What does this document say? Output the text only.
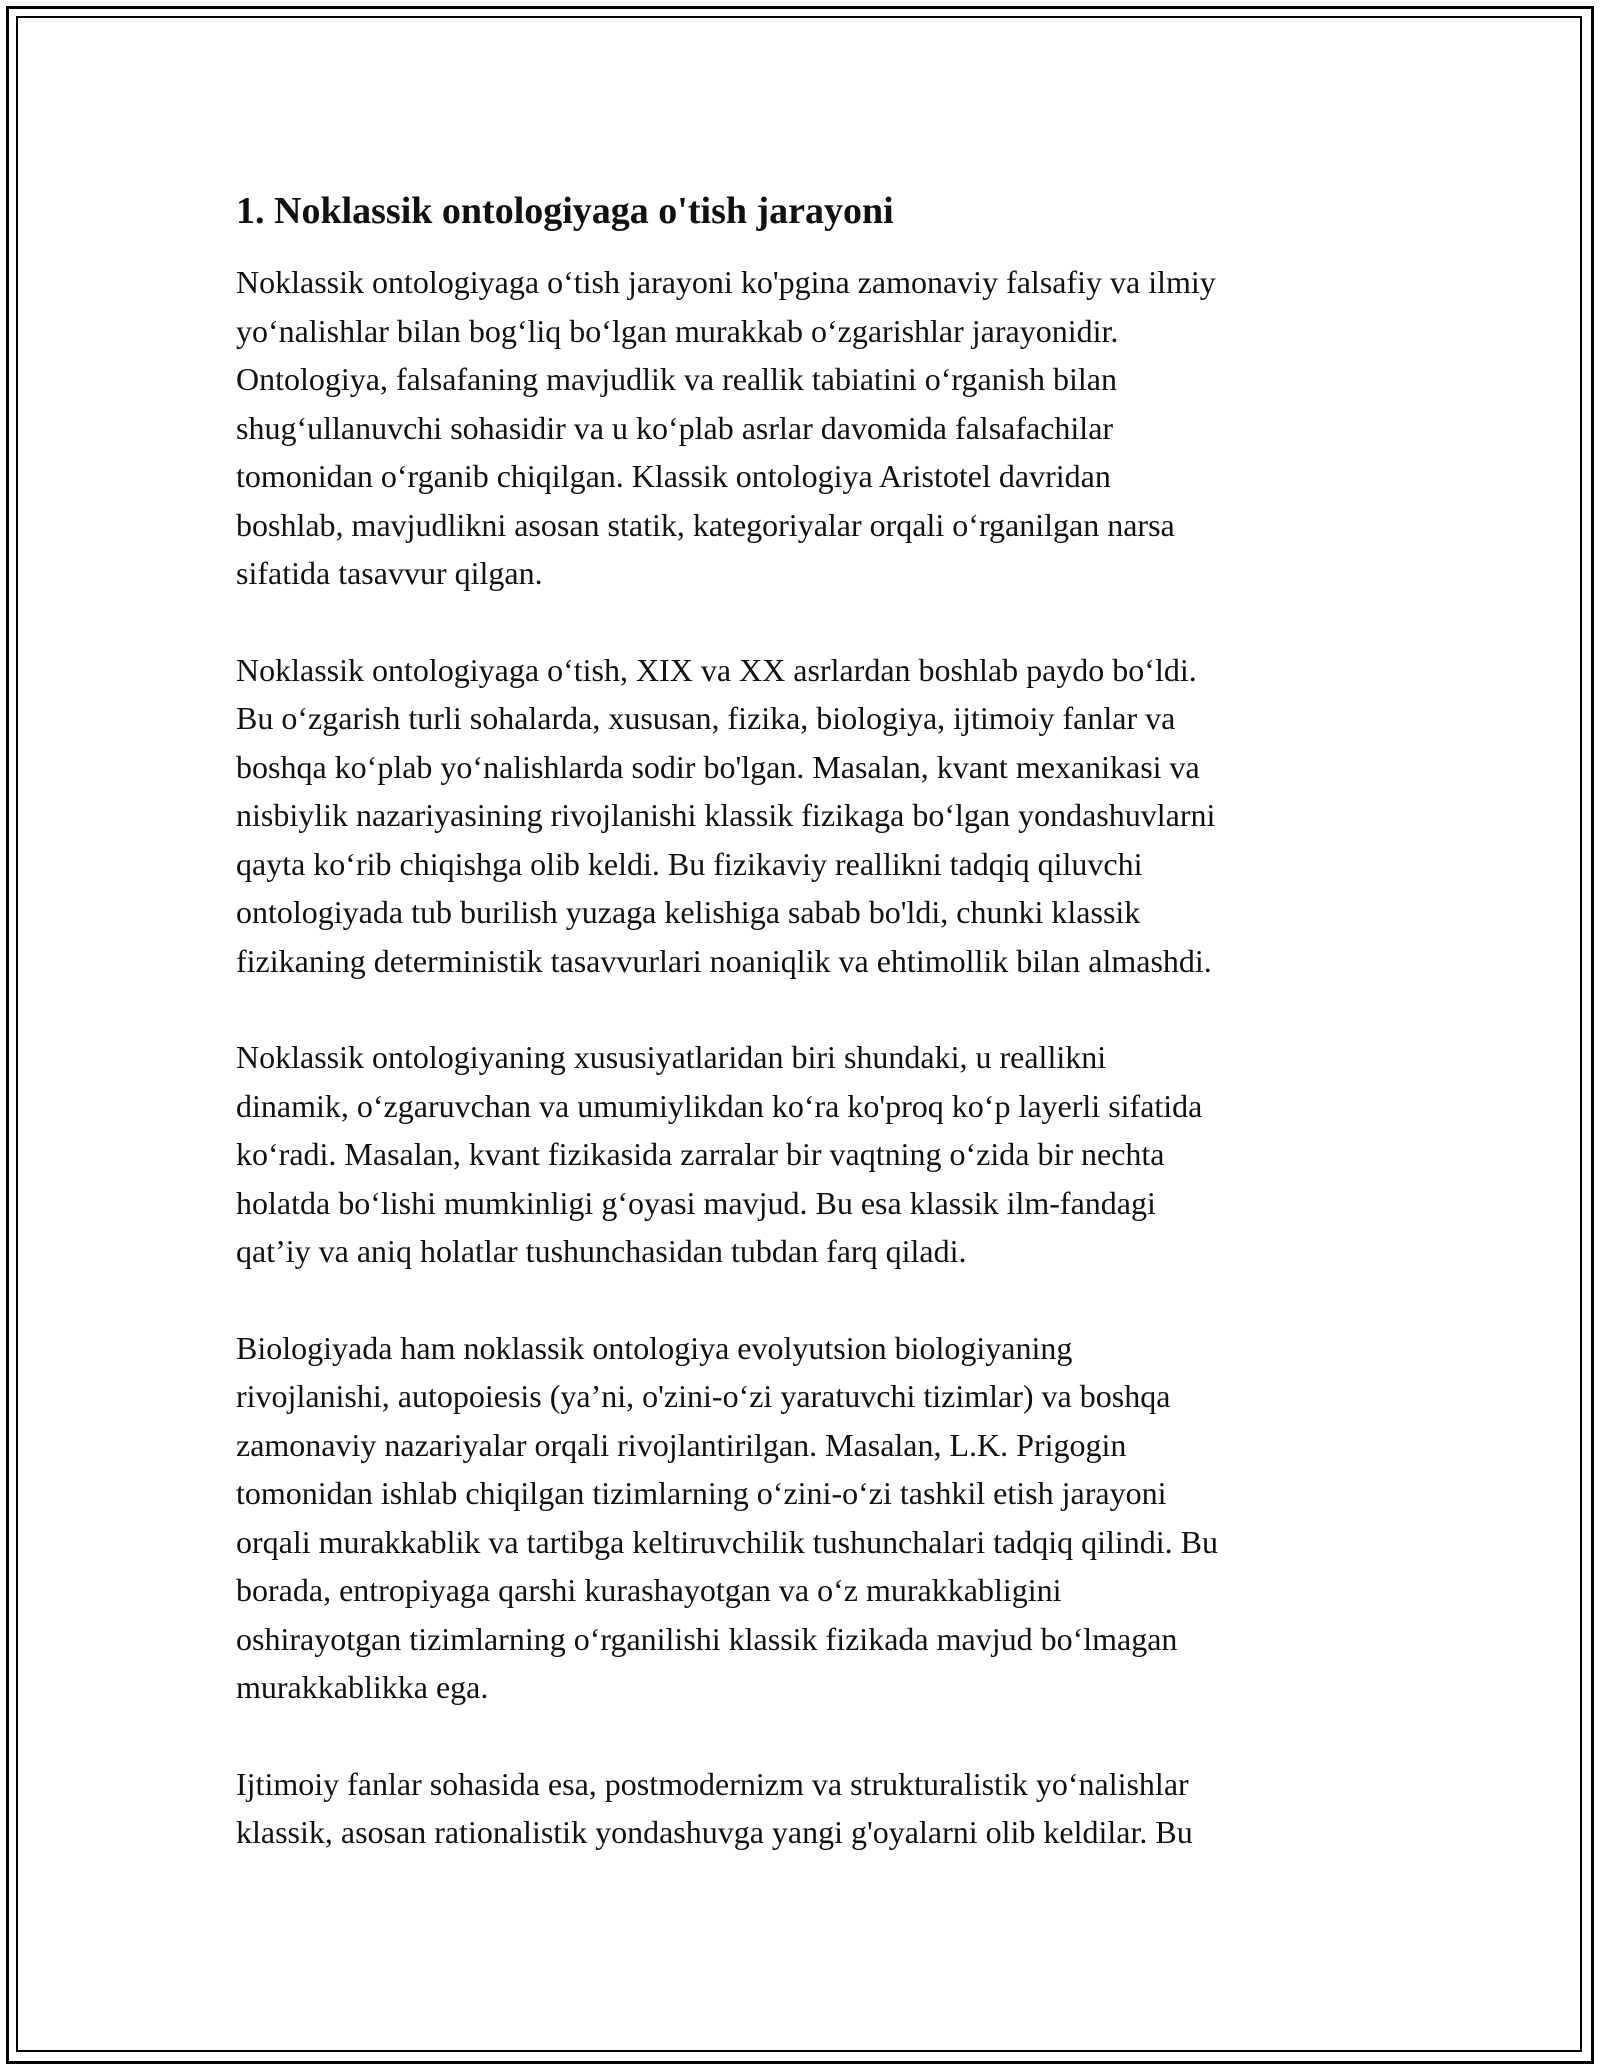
1. Noklassik ontologiyaga o'tish jarayoni

Noklassik ontologiyaga o‘tish jarayoni ko'pgina zamonaviy falsafiy va ilmiy
yo‘nalishlar bilan bog‘liq bo‘lgan murakkab o‘zgarishlar jarayonidir.
Ontologiya, falsafaning mavjudlik va reallik tabiatini o‘rganish bilan
shug‘ullanuvchi sohasidir va u ko‘plab asrlar davomida falsafachilar
tomonidan o‘rganib chiqilgan. Klassik ontologiya Aristotel davridan
boshlab, mavjudlikni asosan statik, kategoriyalar orqali o‘rganilgan narsa
sifatida tasavvur qilgan.

Noklassik ontologiyaga o‘tish, XIX va XX asrlardan boshlab paydo bo‘ldi.
Bu o‘zgarish turli sohalarda, xususan, fizika, biologiya, ijtimoiy fanlar va
boshqa ko‘plab yo‘nalishlarda sodir bo'lgan. Masalan, kvant mexanikasi va
nisbiylik nazariyasining rivojlanishi klassik fizikaga bo‘lgan yondashuvlarni
qayta ko‘rib chiqishga olib keldi. Bu fizikaviy reallikni tadqiq qiluvchi
ontologiyada tub burilish yuzaga kelishiga sabab bo'ldi, chunki klassik
fizikaning deterministik tasavvurlari noaniqlik va ehtimollik bilan almashdi.

Noklassik ontologiyaning xususiyatlaridan biri shundaki, u reallikni
dinamik, o‘zgaruvchan va umumiylikdan ko‘ra ko'proq ko‘p layerli sifatida
ko‘radi. Masalan, kvant fizikasida zarralar bir vaqtning o‘zida bir nechta
holatda bo‘lishi mumkinligi g‘oyasi mavjud. Bu esa klassik ilm-fandagi
qat’iy va aniq holatlar tushunchasidan tubdan farq qiladi.

Biologiyada ham noklassik ontologiya evolyutsion biologiyaning
rivojlanishi, autopoiesis (ya’ni, o'zini-o‘zi yaratuvchi tizimlar) va boshqa
zamonaviy nazariyalar orqali rivojlantirilgan. Masalan, L.K. Prigogin
tomonidan ishlab chiqilgan tizimlarning o‘zini-o‘zi tashkil etish jarayoni
orqali murakkablik va tartibga keltiruvchilik tushunchalari tadqiq qilindi. Bu
borada, entropiyaga qarshi kurashayotgan va o‘z murakkabligini
oshirayotgan tizimlarning o‘rganilishi klassik fizikada mavjud bo‘lmagan
murakkablikka ega.

Ijtimoiy fanlar sohasida esa, postmodernizm va strukturalistik yo‘nalishlar
klassik, asosan rationalistik yondashuvga yangi g'oyalarni olib keldilar. Bu
